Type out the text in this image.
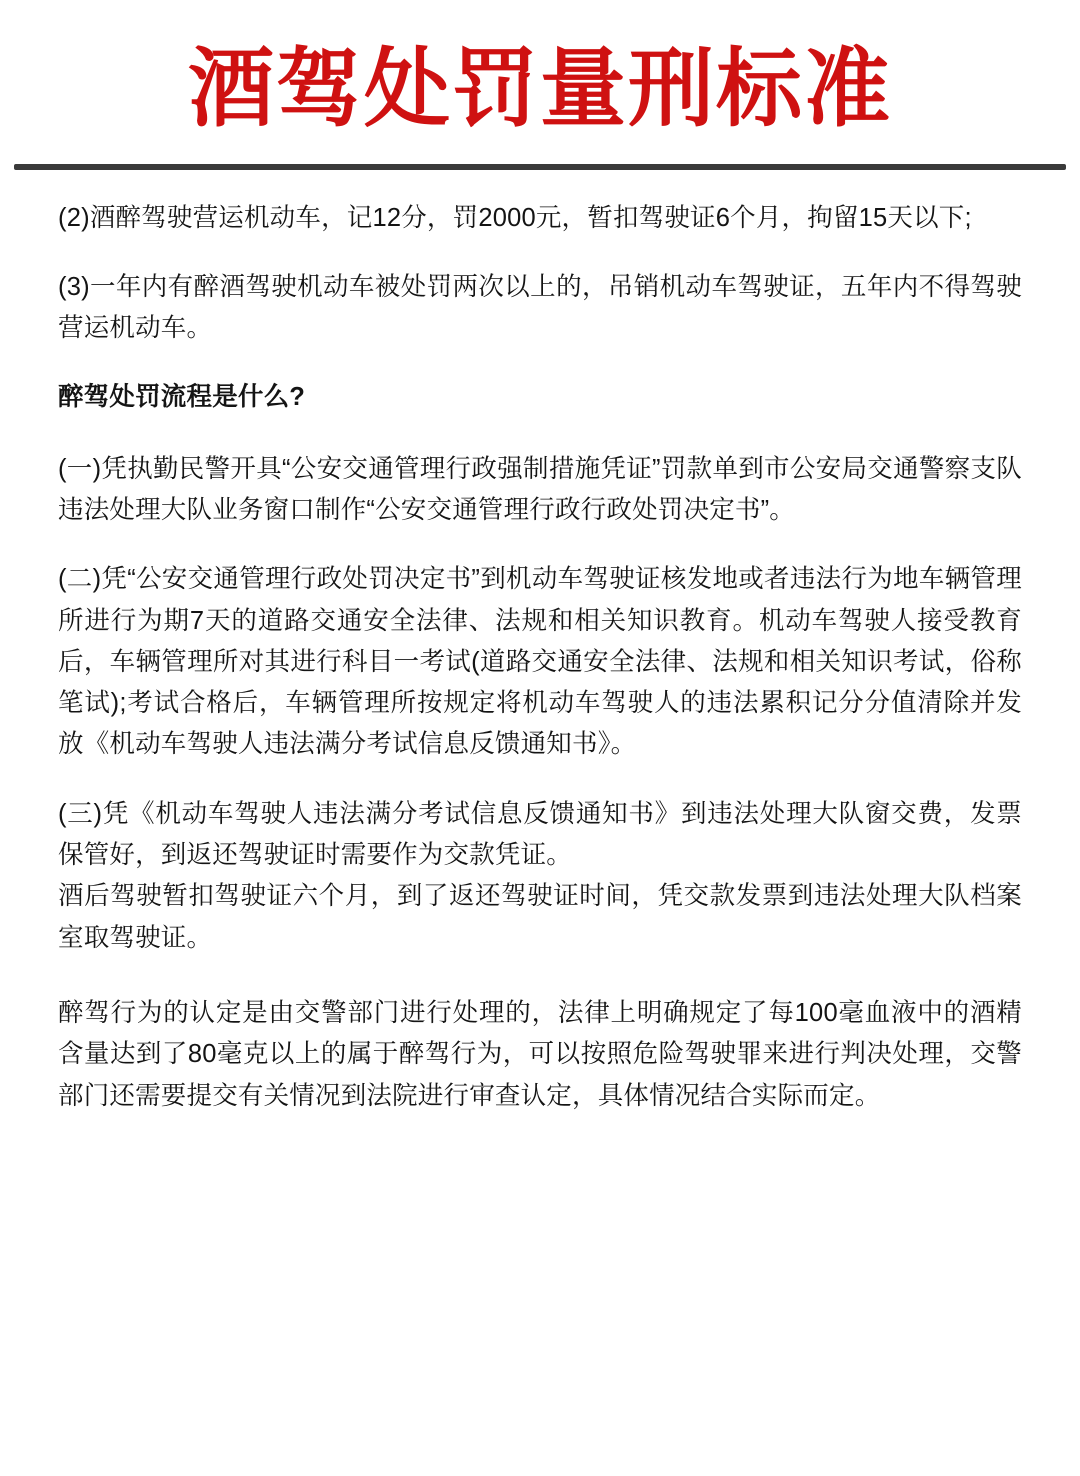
酒驾处罚量刑标准

(2)酒醉驾驶营运机动车，记12分，罚2000元，暂扣驾驶证6个月，拘留15天以下;

(3)一年内有醉酒驾驶机动车被处罚两次以上的，吊销机动车驾驶证，五年内不得驾驶营运机动车。

醉驾处罚流程是什么?

(一)凭执勤民警开具“公安交通管理行政强制措施凭证”罚款单到市公安局交通警察支队违法处理大队业务窗口制作“公安交通管理行政行政处罚决定书”。

(二)凭“公安交通管理行政处罚决定书”到机动车驾驶证核发地或者违法行为地车辆管理所进行为期7天的道路交通安全法律、法规和相关知识教育。机动车驾驶人接受教育后，车辆管理所对其进行科目一考试(道路交通安全法律、法规和相关知识考试，俗称笔试);考试合格后，车辆管理所按规定将机动车驾驶人的违法累积记分分值清除并发放《机动车驾驶人违法满分考试信息反馈通知书》。

(三)凭《机动车驾驶人违法满分考试信息反馈通知书》到违法处理大队窗交费，发票保管好，到返还驾驶证时需要作为交款凭证。

酒后驾驶暂扣驾驶证六个月，到了返还驾驶证时间，凭交款发票到违法处理大队档案室取驾驶证。

醉驾行为的认定是由交警部门进行处理的，法律上明确规定了每100毫血液中的酒精含量达到了80毫克以上的属于醉驾行为，可以按照危险驾驶罪来进行判决处理，交警部门还需要提交有关情况到法院进行审查认定，具体情况结合实际而定。
